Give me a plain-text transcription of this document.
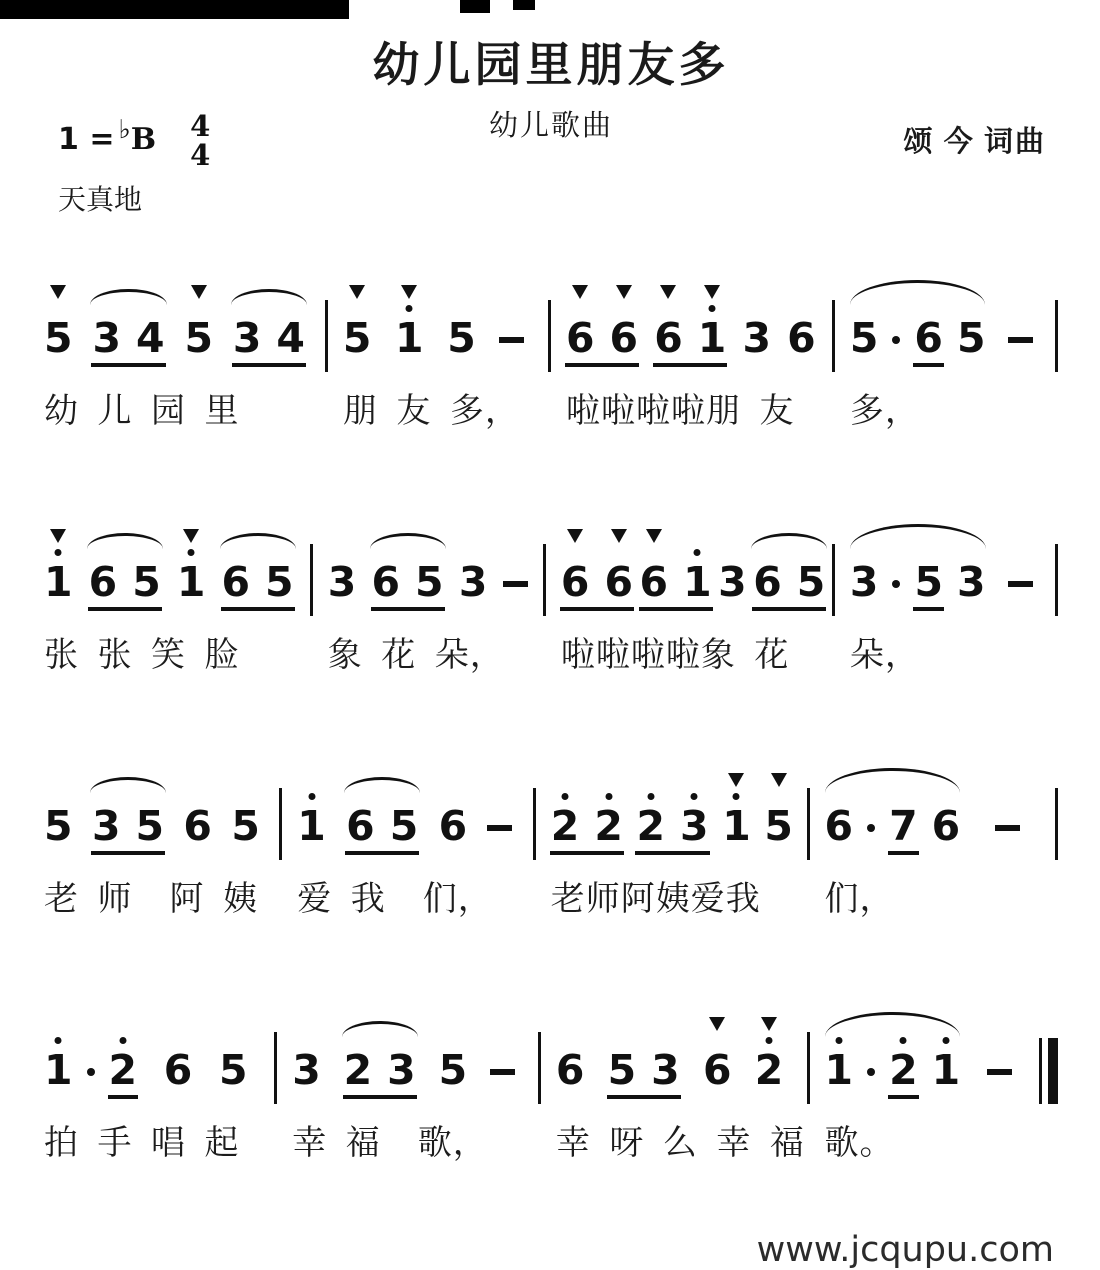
幼儿园里朋友多
幼儿歌曲
1 = ♭ B 4
4	颂 今 词曲
天真地
5 3 4 5 3 4 5 1 5 6 6 6 1 3 6 5 6 5
幼 儿 园 里	朋 友 多，	啦啦啦啦朋 友	多，
1 6 5 1 6 5 3 6 5 3 6 6 6 1 3 6 5 3 5 3
张 张 笑 脸	象 花 朵，	啦啦啦啦象 花	朵，
5 3 5 6 5 1 6 5 6 2 2 2 3 1 5 6 7 6
老 师  阿 姨	爱 我  们，	老师阿姨爱我	们，
1 2 6 5 3 2 3 5 6 5 3 6 2 1 2 1
拍 手 唱 起	幸 福  歌，	幸 呀 么 幸 福 歌。
www.jcqupu.com
